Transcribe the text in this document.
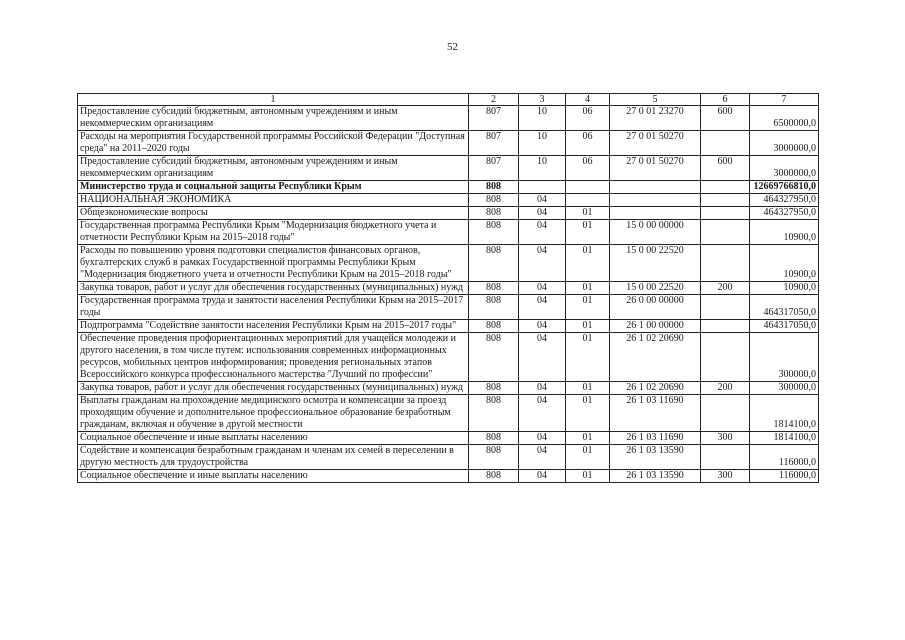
52
1	2	3	4	5	6	7
Предоставление субсидий бюджетным, автономным учреждениям и иным некоммерческим организациям	807	10	06	27 0 01 23270	600	6500000,0
Расходы на мероприятия Государственной программы Российской Федерации "Доступная среда" на 2011–2020 годы	807	10	06	27 0 01 50270		3000000,0
Предоставление субсидий бюджетным, автономным учреждениям и иным некоммерческим организациям	807	10	06	27 0 01 50270	600	3000000,0
Министерство труда и социальной защиты Республики Крым	808					12669766810,0
НАЦИОНАЛЬНАЯ ЭКОНОМИКА	808	04				464327950,0
Общеэкономические вопросы	808	04	01			464327950,0
Государственная программа Республики Крым "Модернизация бюджетного учета и отчетности Республики Крым на 2015–2018 годы"	808	04	01	15 0 00 00000		10900,0
Расходы по повышению уровня подготовки специалистов финансовых органов, бухгалтерских служб в рамках Государственной программы Республики Крым "Модернизация бюджетного учета и отчетности Республики Крым на 2015–2018 годы"	808	04	01	15 0 00 22520		10900,0
Закупка товаров, работ и услуг для обеспечения государственных (муниципальных) нужд	808	04	01	15 0 00 22520	200	10900,0
Государственная программа труда и занятости населения Республики Крым на 2015–2017 годы	808	04	01	26 0 00 00000		464317050,0
Подпрограмма "Содействие занятости населения Республики Крым на 2015–2017 годы"	808	04	01	26 1 00 00000		464317050,0
Обеспечение проведения профориентационных мероприятий для учащейся молодежи и другого населения, в том числе путем: использования современных информационных ресурсов, мобильных центров информирования; проведения региональных этапов Всероссийского конкурса профессионального мастерства "Лучший по профессии"	808	04	01	26 1 02 20690		300000,0
Закупка товаров, работ и услуг для обеспечения государственных (муниципальных) нужд	808	04	01	26 1 02 20690	200	300000,0
Выплаты гражданам на прохождение медицинского осмотра и компенсации за проезд проходящим обучение и дополнительное профессиональное образование безработным гражданам, включая и обучение в другой местности	808	04	01	26 1 03 11690		1814100,0
Социальное обеспечение и иные выплаты населению	808	04	01	26 1 03 11690	300	1814100,0
Содействие и компенсация безработным гражданам и членам их семей в переселении в другую местность для трудоустройства	808	04	01	26 1 03 13590		116000,0
Социальное обеспечение и иные выплаты населению	808	04	01	26 1 03 13590	300	116000,0
